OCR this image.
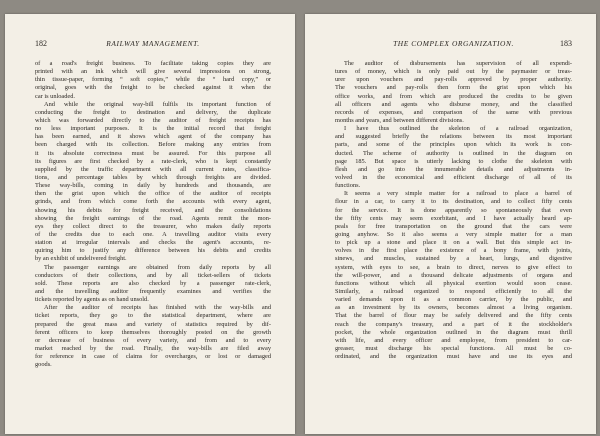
182	RAILWAY MANAGEMENT.
of a road's freight business. To facilitate taking copies they are
printed with an ink which will give several impressions on strong,
thin tissue-paper, forming “ soft copies,” while the “ hard copy,” or
original, goes with the freight to be checked against it when the
car is unloaded.
And while the original way-bill fulfils its important function of
conducting the freight to destination and delivery, the duplicate
which was forwarded directly to the auditor of freight receipts has
no less important purposes. It is the initial record that freight
has been earned, and it shows which agent of the company has
been charged with its collection. Before making any entries from
it its absolute correctness must be assured. For this purpose all
its figures are first checked by a rate-clerk, who is kept constantly
supplied by the traffic department with all current rates, classifica-
tions, and percentage tables by which through freights are divided.
These way-bills, coming in daily by hundreds and thousands, are
then the grist upon which the office of the auditor of receipts
grinds, and from which come forth the accounts with every agent,
showing his debits for freight received, and the consolidations
showing the freight earnings of the road. Agents remit the mon-
eys they collect direct to the treasurer, who makes daily reports
of the credits due to each one. A travelling auditor visits every
station at irregular intervals and checks the agent's accounts, re-
quiring him to justify any difference between his debits and credits
by an exhibit of undelivered freight.
The passenger earnings are obtained from daily reports by all
conductors of their collections, and by all ticket-sellers of tickets
sold. These reports are also checked by a passenger rate-clerk,
and the travelling auditor frequently examines and verifies the
tickets reported by agents as on hand unsold.
After the auditor of receipts has finished with the way-bills and
ticket reports, they go to the statistical department, where are
prepared the great mass and variety of statistics required by dif-
ferent officers to keep themselves thoroughly posted on the growth
or decrease of business of every variety, and from and to every
market reached by the road. Finally, the way-bills are filed away
for reference in case of claims for overcharges, or lost or damaged
goods.
THE COMPLEX ORGANIZATION.	183
The auditor of disbursements has supervision of all expendi-
tures of money, which is only paid out by the paymaster or treas-
urer upon vouchers and pay-rolls approved by proper authority.
The vouchers and pay-rolls then form the grist upon which his
office works, and from which are produced the credits to be given
all officers and agents who disburse money, and the classified
records of expenses, and comparison of the same with previous
months and years, and between different divisions.
I have thus outlined the skeleton of a railroad organization,
and suggested briefly the relations between its most important
parts, and some of the principles upon which its work is con-
ducted. The scheme of authority is outlined in the diagram on
page 185. But space is utterly lacking to clothe the skeleton with
flesh and go into the innumerable details and adjustments in-
volved in the economical and efficient discharge of all of its
functions.
It seems a very simple matter for a railroad to place a barrel of
flour in a car, to carry it to its destination, and to collect fifty cents
for the service. It is done apparently so spontaneously that even
the fifty cents may seem exorbitant, and I have actually heard ap-
peals for free transportation on the ground that the cars were
going anyhow. So it also seems a very simple matter for a man
to pick up a stone and place it on a wall. But this simple act in-
volves in the first place the existence of a bony frame, with joints,
sinews, and muscles, sustained by a heart, lungs, and digestive
system, with eyes to see, a brain to direct, nerves to give effect to
the will-power, and a thousand delicate adjustments of organs and
functions without which all physical exertion would soon cease.
Similarly, a railroad organized to respond efficiently to all the
varied demands upon it as a common carrier, by the public, and
as an investment by its owners, becomes almost a living organism.
That the barrel of flour may be safely delivered and the fifty cents
reach the company's treasury, and a part of it the stockholder's
pocket, the whole organization outlined in the diagram must thrill
with life, and every officer and employee, from president to car-
greaser, must discharge his special functions. All must be co-
ordinated, and the organization must have and use its eyes and
